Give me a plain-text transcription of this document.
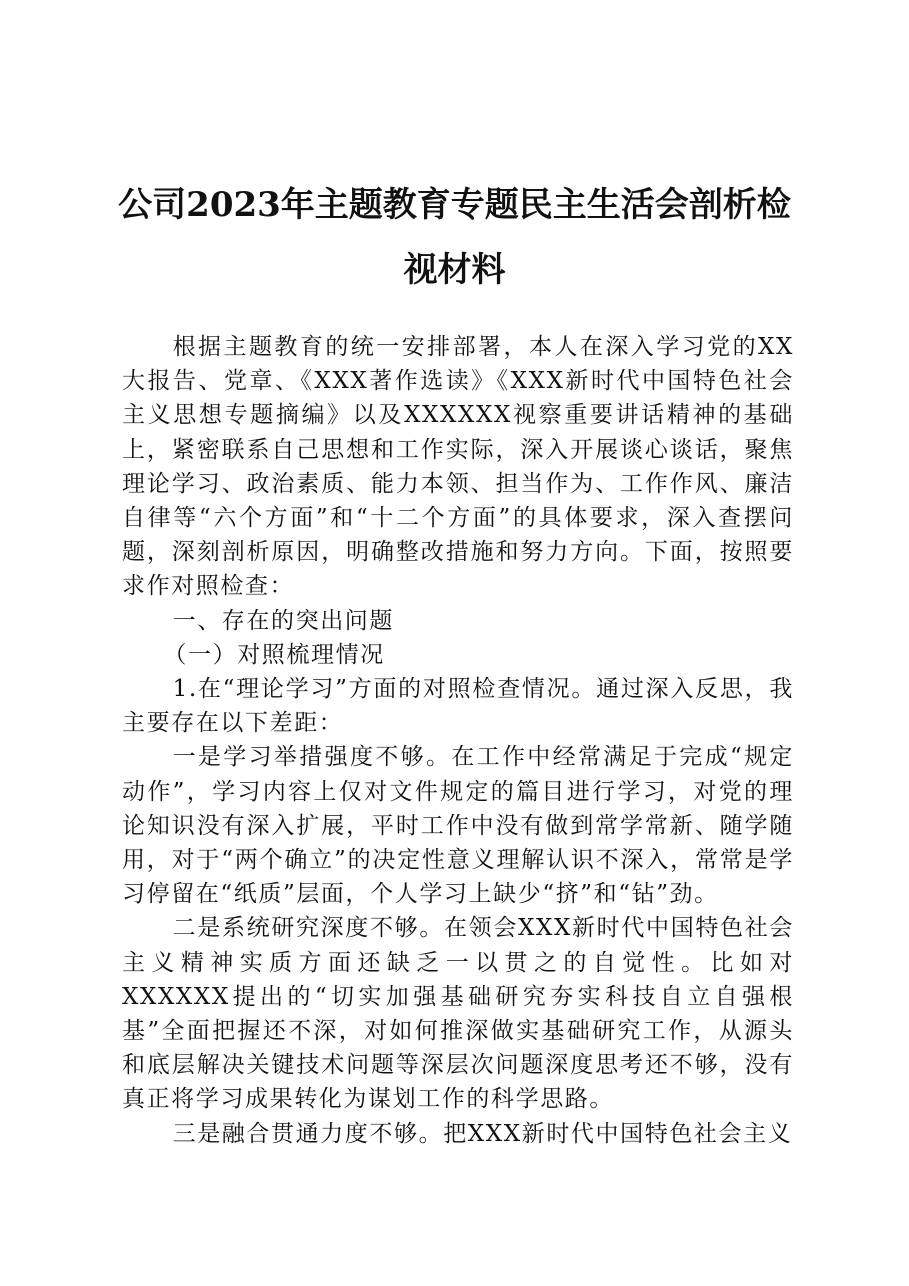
公司2023年主题教育专题民主生活会剖析检
视材料

根据主题教育的统一安排部署，本人在深入学习党的XX大报告、党章、《XXX著作选读》《XXX新时代中国特色社会主义思想专题摘编》以及XXXXXX视察重要讲话精神的基础上，紧密联系自己思想和工作实际，深入开展谈心谈话，聚焦理论学习、政治素质、能力本领、担当作为、工作作风、廉洁自律等“六个方面”和“十二个方面”的具体要求，深入查摆问题，深刻剖析原因，明确整改措施和努力方向。下面，按照要求作对照检查：

一、存在的突出问题

（一）对照梳理情况

1.在“理论学习”方面的对照检查情况。通过深入反思，我主要存在以下差距：

一是学习举措强度不够。在工作中经常满足于完成“规定动作”，学习内容上仅对文件规定的篇目进行学习，对党的理论知识没有深入扩展，平时工作中没有做到常学常新、随学随用，对于“两个确立”的决定性意义理解认识不深入，常常是学习停留在“纸质”层面，个人学习上缺少“挤”和“钻”劲。

二是系统研究深度不够。在领会XXX新时代中国特色社会主义精神实质方面还缺乏一以贯之的自觉性。比如对XXXXXX提出的“切实加强基础研究夯实科技自立自强根基”全面把握还不深，对如何推深做实基础研究工作，从源头和底层解决关键技术问题等深层次问题深度思考还不够，没有真正将学习成果转化为谋划工作的科学思路。

三是融合贯通力度不够。把XXX新时代中国特色社会主义
